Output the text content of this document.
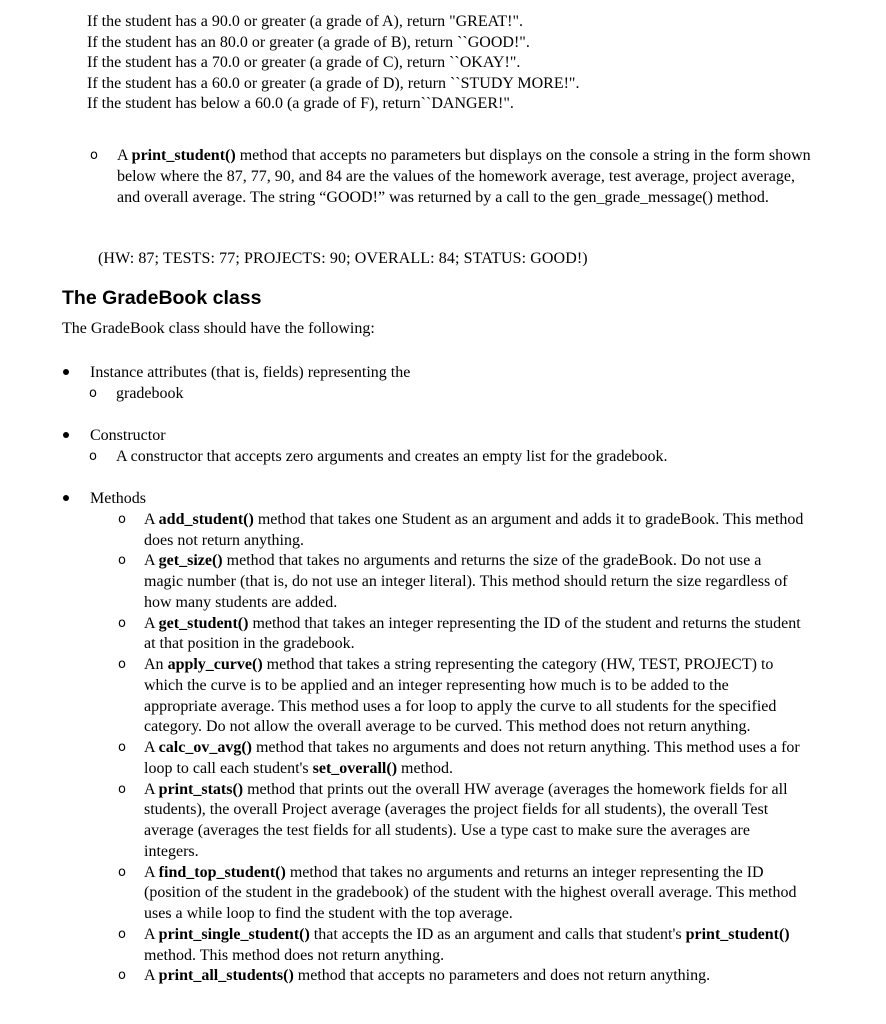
If the student has a 90.0 or greater (a grade of A), return "GREAT!".
If the student has an 80.0 or greater (a grade of B), return ``GOOD!".
If the student has a 70.0 or greater (a grade of C), return ``OKAY!".
If the student has a 60.0 or greater (a grade of D), return ``STUDY MORE!".
If the student has below a 60.0 (a grade of F), return``DANGER!".
o A print_student() method that accepts no parameters but displays on the console a string in the form shown below where the 87, 77, 90, and 84 are the values of the homework average, test average, project average, and overall average. The string “GOOD!” was returned by a call to the gen_grade_message() method.
(HW: 87; TESTS: 77; PROJECTS: 90; OVERALL: 84; STATUS: GOOD!)
The GradeBook class
The GradeBook class should have the following:
Instance attributes (that is, fields) representing the
o gradebook
Constructor
o A constructor that accepts zero arguments and creates an empty list for the gradebook.
Methods
o A add_student() method that takes one Student as an argument and adds it to gradeBook. This method does not return anything.
o A get_size() method that takes no arguments and returns the size of the gradeBook. Do not use a magic number (that is, do not use an integer literal). This method should return the size regardless of how many students are added.
o A get_student() method that takes an integer representing the ID of the student and returns the student at that position in the gradebook.
o An apply_curve() method that takes a string representing the category (HW, TEST, PROJECT) to which the curve is to be applied and an integer representing how much is to be added to the appropriate average. This method uses a for loop to apply the curve to all students for the specified category. Do not allow the overall average to be curved. This method does not return anything.
o A calc_ov_avg() method that takes no arguments and does not return anything. This method uses a for loop to call each student's set_overall() method.
o A print_stats() method that prints out the overall HW average (averages the homework fields for all students), the overall Project average (averages the project fields for all students), the overall Test average (averages the test fields for all students). Use a type cast to make sure the averages are integers.
o A find_top_student() method that takes no arguments and returns an integer representing the ID (position of the student in the gradebook) of the student with the highest overall average. This method uses a while loop to find the student with the top average.
o A print_single_student() that accepts the ID as an argument and calls that student's print_student() method. This method does not return anything.
o A print_all_students() method that accepts no parameters and does not return anything.
